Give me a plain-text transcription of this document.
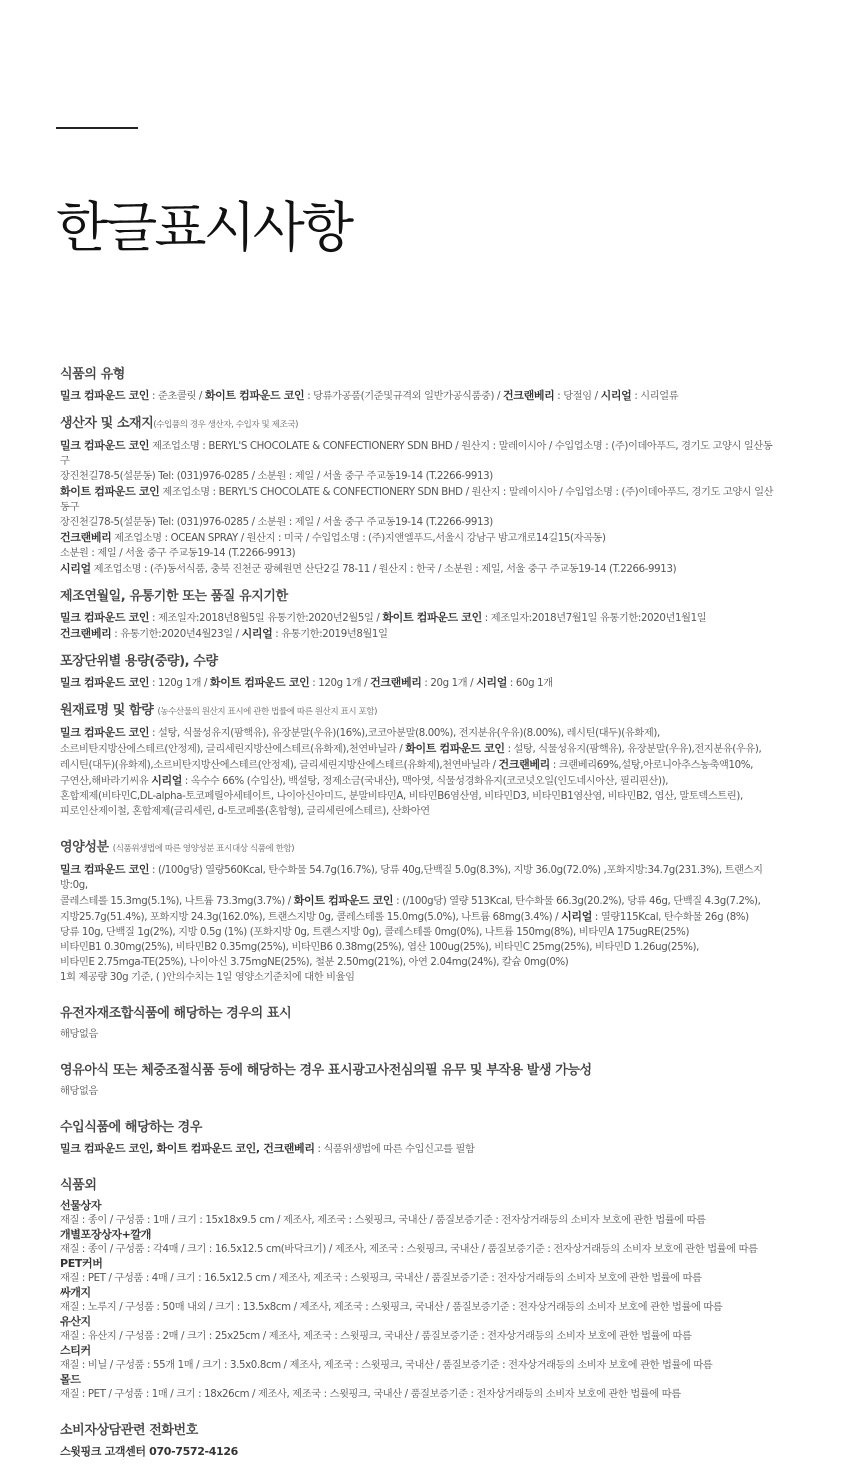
한글표시사항
식품의 유형
밀크 컴파운드 코인 : 준초콜릿 / 화이트 컴파운드 코인 : 당류가공품(기준및규격외 일반가공식품중) / 건크랜베리 : 당절임 / 시리얼 : 시리얼류
생산자 및 소재지(수입품의 경우 생산자, 수입자 및 제조국)
밀크 컴파운드 코인 제조업소명 : BERYL'S CHOCOLATE & CONFECTIONERY SDN BHD / 원산지 : 말레이시아 / 수입업소명 : (주)이데아푸드, 경기도 고양시 일산동구
장진천길78-5(설문동) Tel: (031)976-0285 / 소분원 : 제일 / 서울 중구 주교동19-14 (T.2266-9913)
화이트 컴파운드 코인 제조업소명 : BERYL'S CHOCOLATE & CONFECTIONERY SDN BHD / 원산지 : 말레이시아 / 수입업소명 : (주)이데아푸드, 경기도 고양시 일산동구
장진천길78-5(설문동) Tel: (031)976-0285 / 소분원 : 제일 / 서울 중구 주교동19-14 (T.2266-9913)
건크랜베리 제조업소명 : OCEAN SPRAY / 원산지 : 미국 / 수입업소명 : (주)지앤엘푸드,서울시 강남구 밤고개로14길15(자곡동)
소분원 : 제일 / 서울 중구 주교동19-14 (T.2266-9913)
시리얼 제조업소명 : (주)동서식품, 충북 진천군 광혜원면 산단2길 78-11 / 원산지 : 한국 / 소분원 : 제일, 서울 중구 주교동19-14 (T.2266-9913)
제조연월일, 유통기한 또는 품질 유지기한
밀크 컴파운드 코인 : 제조일자:2018년8월5일 유통기한:2020년2월5일 / 화이트 컴파운드 코인 : 제조일자:2018년7월1일 유통기한:2020년1월1일
건크랜베리 : 유통기한:2020년4월23일 / 시리얼 : 유통기한:2019년8월1일
포장단위별 용량(중량), 수량
밀크 컴파운드 코인 : 120g 1개 / 화이트 컴파운드 코인 : 120g 1개 / 건크랜베리 : 20g 1개 / 시리얼 : 60g 1개
원재료명 및 함량 (농수산물의 원산지 표시에 관한 법률에 따른 원산지 표시 포함)
밀크 컴파운드 코인 : 설탕, 식물성유지(팜핵유), 유장분말(우유)(16%),코코아분말(8.00%), 전지분유(우유)(8.00%), 레시틴(대두)(유화제),
소르비탄지방산에스테르(안정제), 글리세린지방산에스테르(유화제),천연바닐라 / 화이트 컴파운드 코인 : 설탕, 식물성유지(팜핵유), 유장분말(우유),전지분유(우유),
레시틴(대두)(유화제),소르비탄지방산에스테르(안정제), 글리세린지방산에스테르(유화제),천연바닐라 / 건크랜베리 : 크랜베리69%,설탕,아로니아추스농축액10%,
구연산,해바라기씨유 시리얼 : 옥수수 66% (수입산), 백설탕, 정제소금(국내산), 맥아엿, 식물성경화유지(코코넛오일(인도네시아산, 필리핀산)),
혼합제제(비타민C,DL-alpha-토코페릴아세테이트, 나이아신아미드, 분말비타민A, 비타민B6염산염, 비타민D3, 비타민B1염산염, 비타민B2, 엽산, 말토덱스트린),
피로인산제이철, 혼합제제(글리세린, d-토코페롤(혼합형), 글리세린에스테르), 산화아연
영양성분 (식품위생법에 따른 영양성분 표시대상 식품에 한함)
밀크 컴파운드 코인 : (/100g당) 열량560Kcal, 탄수화물 54.7g(16.7%), 당류 40g,단백질 5.0g(8.3%), 지방 36.0g(72.0%) ,포화지방:34.7g(231.3%), 트랜스지방:0g,
콜레스테롤 15.3mg(5.1%), 나트륨 73.3mg(3.7%) / 화이트 컴파운드 코인 : (/100g당) 열량 513Kcal, 탄수화물 66.3g(20.2%), 당류 46g, 단백질 4.3g(7.2%),
지방25.7g(51.4%), 포화지방 24.3g(162.0%), 트랜스지방 0g, 콜레스테롤 15.0mg(5.0%), 나트륨 68mg(3.4%) / 시리얼 : 열량115Kcal, 탄수화물 26g (8%)
당류 10g, 단백질 1g(2%), 지방 0.5g (1%) (포화지방 0g, 트랜스지방 0g), 콜레스테롤 0mg(0%), 나트륨 150mg(8%), 비타민A 175ugRE(25%)
비타민B1 0.30mg(25%), 비타민B2 0.35mg(25%), 비타민B6 0.38mg(25%), 엽산 100ug(25%), 비타민C 25mg(25%), 비타민D 1.26ug(25%),
비타민E 2.75mga-TE(25%), 나이아신 3.75mgNE(25%), 철분 2.50mg(21%), 아연 2.04mg(24%), 칼슘 0mg(0%)
1회 제공량 30g 기준, ( )안의수치는 1일 영양소기준치에 대한 비율임
유전자재조합식품에 해당하는 경우의 표시
해당없음
영유아식 또는 체중조절식품 등에 해당하는 경우 표시광고사전심의필 유무 및 부작용 발생 가능성
해당없음
수입식품에 해당하는 경우
밀크 컴파운드 코인, 화이트 컴파운드 코인, 건크랜베리 : 식품위생법에 따른 수입신고를 필함
식품외
선물상자
재질 : 종이 / 구성품 : 1매 / 크기 : 15x18x9.5 cm / 제조사, 제조국 : 스윗핑크, 국내산 / 품질보증기준 : 전자상거래등의 소비자 보호에 관한 법률에 따름
개별포장상자+깔개
재질 : 종이 / 구성품 : 각4매 / 크기 : 16.5x12.5 cm(바닥크기) / 제조사, 제조국 : 스윗핑크, 국내산 / 품질보증기준 : 전자상거래등의 소비자 보호에 관한 법률에 따름
PET커버
재질 : PET / 구성품 : 4매 / 크기 : 16.5x12.5 cm / 제조사, 제조국 : 스윗핑크, 국내산 / 품질보증기준 : 전자상거래등의 소비자 보호에 관한 법률에 따름
싸개지
재질 : 노루지 / 구성품 : 50매 내외 / 크기 : 13.5x8cm / 제조사, 제조국 : 스윗핑크, 국내산 / 품질보증기준 : 전자상거래등의 소비자 보호에 관한 법률에 따름
유산지
재질 : 유산지 / 구성품 : 2매 / 크기 : 25x25cm / 제조사, 제조국 : 스윗핑크, 국내산 / 품질보증기준 : 전자상거래등의 소비자 보호에 관한 법률에 따름
스티커
재질 : 비닐 / 구성품 : 55개 1매 / 크기 : 3.5x0.8cm / 제조사, 제조국 : 스윗핑크, 국내산 / 품질보증기준 : 전자상거래등의 소비자 보호에 관한 법률에 따름
몰드
재질 : PET / 구성품 : 1매 / 크기 : 18x26cm / 제조사, 제조국 : 스윗핑크, 국내산 / 품질보증기준 : 전자상거래등의 소비자 보호에 관한 법률에 따름
소비자상담관련 전화번호
스윗핑크 고객센터 070-7572-4126
